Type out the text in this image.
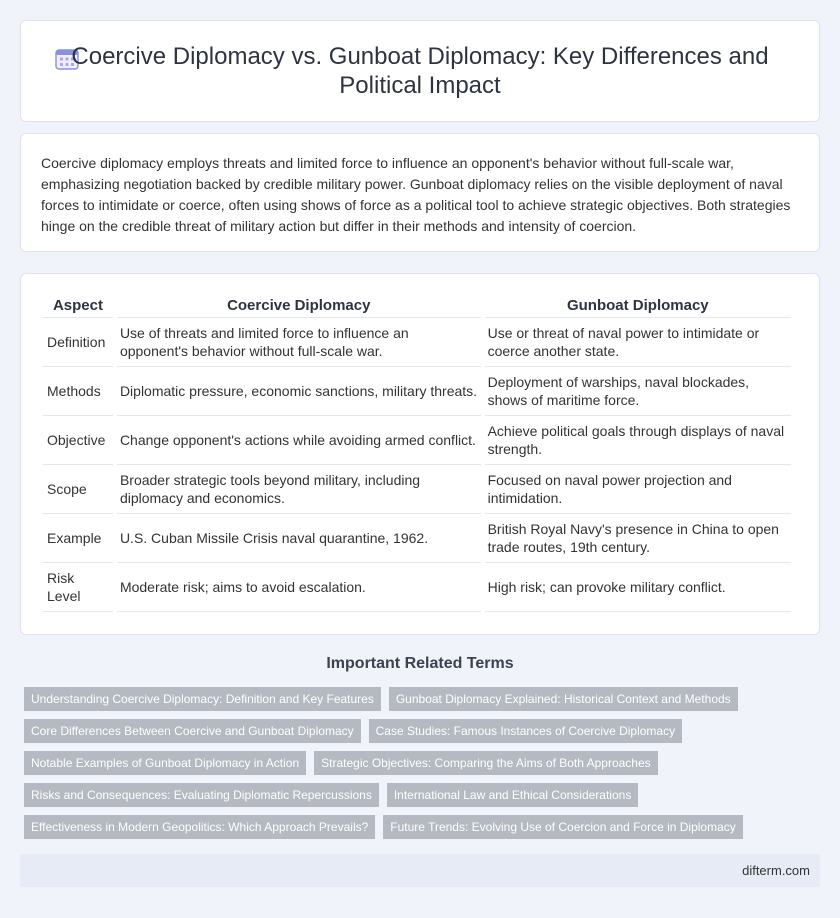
Coercive Diplomacy vs. Gunboat Diplomacy: Key Differences and Political Impact

Coercive diplomacy employs threats and limited force to influence an opponent's behavior without full-scale war, emphasizing negotiation backed by credible military power. Gunboat diplomacy relies on the visible deployment of naval forces to intimidate or coerce, often using shows of force as a political tool to achieve strategic objectives. Both strategies hinge on the credible threat of military action but differ in their methods and intensity of coercion.

Aspect	Coercive Diplomacy	Gunboat Diplomacy
Definition	Use of threats and limited force to influence an opponent's behavior without full-scale war.	Use or threat of naval power to intimidate or coerce another state.
Methods	Diplomatic pressure, economic sanctions, military threats.	Deployment of warships, naval blockades, shows of maritime force.
Objective	Change opponent's actions while avoiding armed conflict.	Achieve political goals through displays of naval strength.
Scope	Broader strategic tools beyond military, including diplomacy and economics.	Focused on naval power projection and intimidation.
Example	U.S. Cuban Missile Crisis naval quarantine, 1962.	British Royal Navy's presence in China to open trade routes, 19th century.
Risk Level	Moderate risk; aims to avoid escalation.	High risk; can provoke military conflict.
Important Related Terms
Understanding Coercive Diplomacy: Definition and Key Features	Gunboat Diplomacy Explained: Historical Context and Methods
Core Differences Between Coercive and Gunboat Diplomacy	Case Studies: Famous Instances of Coercive Diplomacy
Notable Examples of Gunboat Diplomacy in Action	Strategic Objectives: Comparing the Aims of Both Approaches
Risks and Consequences: Evaluating Diplomatic Repercussions	International Law and Ethical Considerations
Effectiveness in Modern Geopolitics: Which Approach Prevails?	Future Trends: Evolving Use of Coercion and Force in Diplomacy
difterm.com
